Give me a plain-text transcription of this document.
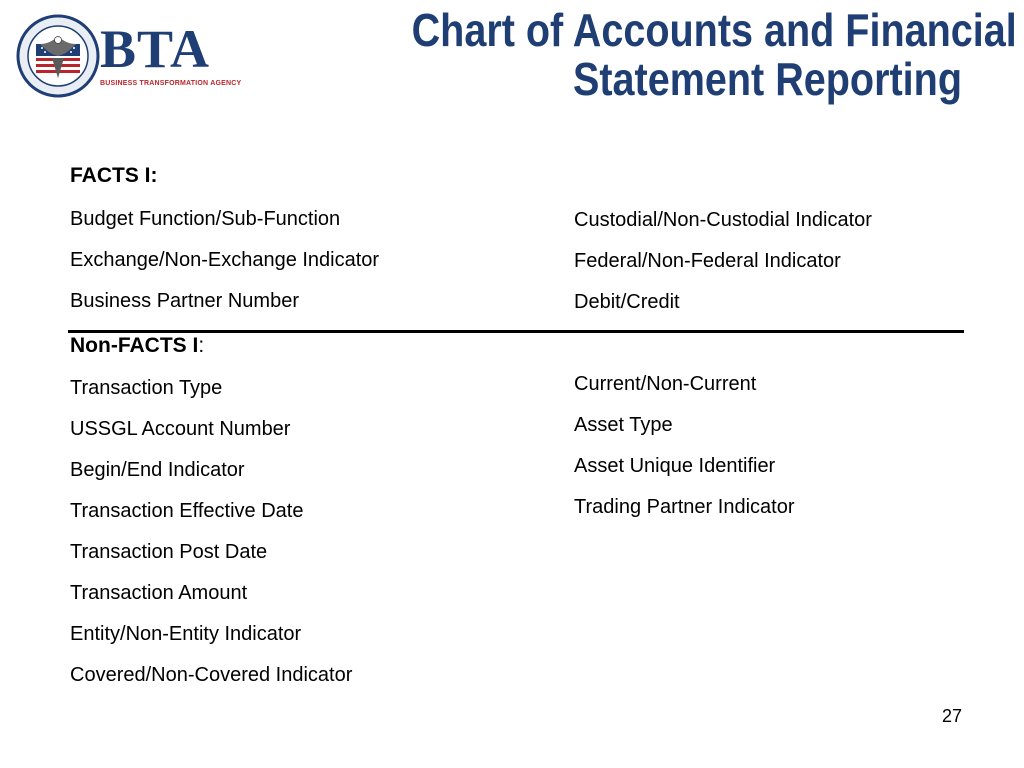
BTA
BUSINESS TRANSFORMATION AGENCY
Chart of Accounts and Financial
Statement Reporting
FACTS I:
Budget Function/Sub-Function
Exchange/Non-Exchange Indicator
Business Partner Number
Custodial/Non-Custodial Indicator
Federal/Non-Federal Indicator
Debit/Credit
Non-FACTS I:
Transaction Type
USSGL Account Number
Begin/End Indicator
Transaction Effective Date
Transaction Post Date
Transaction Amount
Entity/Non-Entity Indicator
Covered/Non-Covered Indicator
Current/Non-Current
Asset Type
Asset Unique Identifier
Trading Partner Indicator
27
